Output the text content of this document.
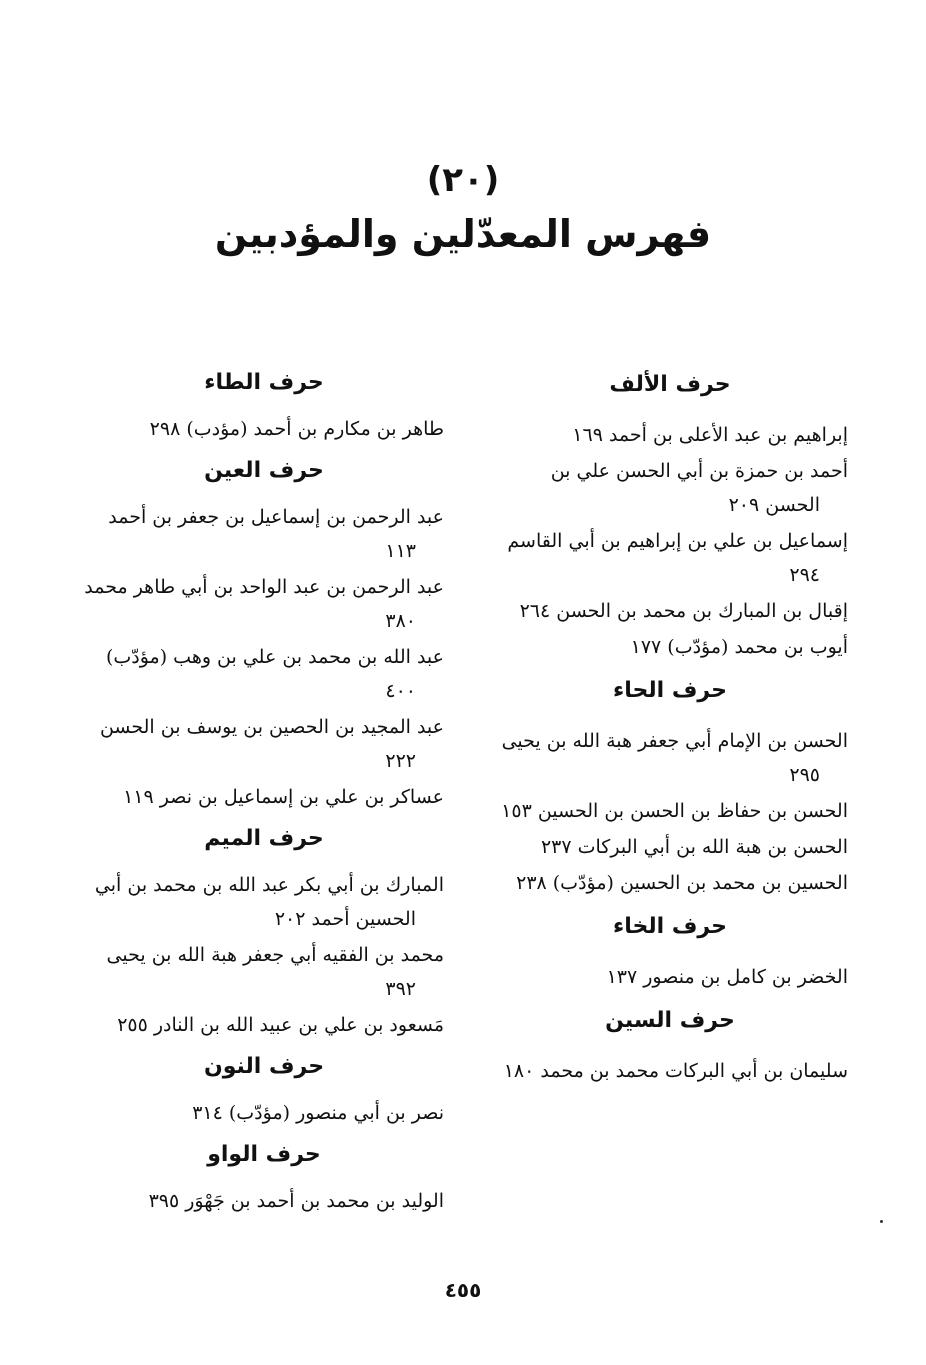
(٢٠)
فهرس المعدّلين والمؤدبين
حرف الألف
إبراهيم بن عبد الأعلى بن أحمد ١٦٩
أحمد بن حمزة بن أبي الحسن علي بن الحسن ٢٠٩
إسماعيل بن علي بن إبراهيم بن أبي القاسم ٢٩٤
إقبال بن المبارك بن محمد بن الحسن ٢٦٤
أيوب بن محمد (مؤدّب) ١٧٧
حرف الحاء
الحسن بن الإمام أبي جعفر هبة الله بن يحيى ٢٩٥
الحسن بن حفاظ بن الحسن بن الحسين ١٥٣
الحسن بن هبة الله بن أبي البركات ٢٣٧
الحسين بن محمد بن الحسين (مؤدّب) ٢٣٨
حرف الخاء
الخضر بن كامل بن منصور ١٣٧
حرف السين
سليمان بن أبي البركات محمد بن محمد ١٨٠
حرف الطاء
طاهر بن مكارم بن أحمد (مؤدب) ٢٩٨
حرف العين
عبد الرحمن بن إسماعيل بن جعفر بن أحمد ١١٣
عبد الرحمن بن عبد الواحد بن أبي طاهر محمد ٣٨٠
عبد الله بن محمد بن علي بن وهب (مؤدّب) ٤٠٠
عبد المجيد بن الحصين بن يوسف بن الحسن ٢٢٢
عساكر بن علي بن إسماعيل بن نصر ١١٩
حرف الميم
المبارك بن أبي بكر عبد الله بن محمد بن أبي الحسين أحمد ٢٠٢
محمد بن الفقيه أبي جعفر هبة الله بن يحيى ٣٩٢
مَسعود بن علي بن عبيد الله بن النادر ٢٥٥
حرف النون
نصر بن أبي منصور (مؤدّب) ٣١٤
حرف الواو
الوليد بن محمد بن أحمد بن جَهْوَر ٣٩٥
٤٥٥
